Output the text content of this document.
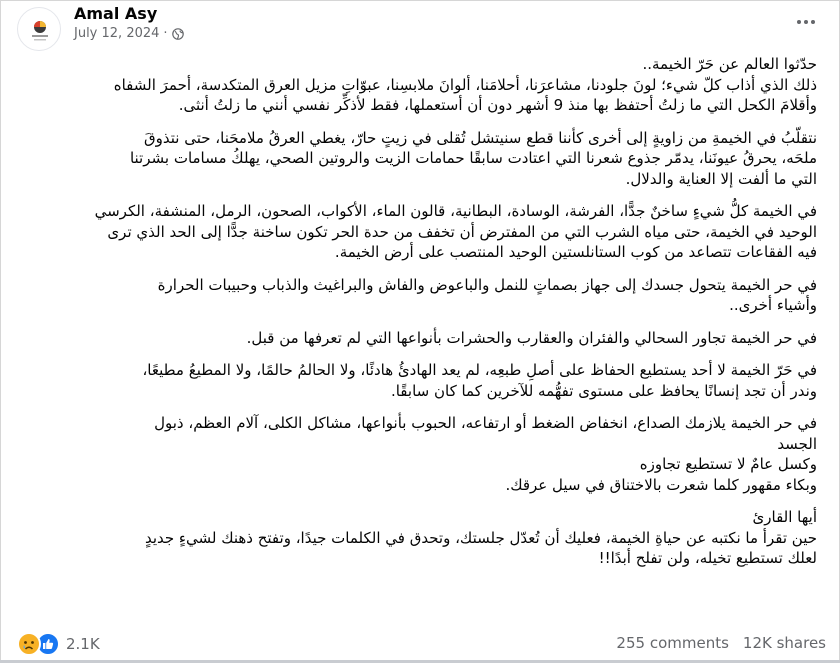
Amal Asy
July 12, 2024 ·

حدّثوا العالم عن حَرّ الخيمة..
ذلك الذي أذاب كلّ شيء؛ لونَ جلودنا، مشاعرَنا، أحلامَنا، ألوانَ ملابسِنا، عبوّاتِ مزيل العرق المتكدسة، أحمرَ الشفاه
وأقلامَ الكحل التي ما زلتُ أحتفظ بها منذ 9 أشهر دون أن أستعملها، فقط لأذكِّر نفسي أنني ما زلتُ أنثى.

نتقلّبُ في الخيمةِ من زاويةٍ إلى أخرى كأننا قطع سنيتشل تُقلى في زيتٍ حارّ، يغطي العرقُ ملامحَنا، حتى نتذوقَ
ملحَه، يحرقُ عيونَنا، يدمّر جذوع شعرنا التي اعتادت سابقًا حمامات الزيت والروتين الصحي، يهلكُ مسامات بشرتنا
التي ما ألفت إلا العناية والدلال.

في الخيمة كلُّ شيءٍ ساخنٌ جدًّا، الفرشة، الوسادة، البطانية، قالون الماء، الأكواب، الصحون، الرمل، المنشفة، الكرسي
الوحيد في الخيمة، حتى مياه الشرب التي من المفترض أن تخفف من حدة الحر تكون ساخنة جدًّا إلى الحد الذي ترى
فيه الفقاعات تتصاعد من كوب الستانلستين الوحيد المنتصب على أرض الخيمة.

في حر الخيمة يتحول جسدك إلى جهاز بصماتٍ للنمل والباعوض والفاش والبراغيث والذباب وحبيبات الحرارة
وأشياء أخرى..

في حر الخيمة تجاور السحالي والفئران والعقارب والحشرات بأنواعها التي لم تعرفها من قبل.

في حَرّ الخيمة لا أحد يستطيع الحفاظ على أصلِ طبعِه، لم يعد الهادئُ هادئًا، ولا الحالمُ حالمًا، ولا المطيعُ مطيعًا،
وندر أن تجد إنسانًا يحافظ على مستوى تفهُّمه للآخرين كما كان سابقًا.

في حر الخيمة يلازمك الصداع، انخفاض الضغط أو ارتفاعه، الحبوب بأنواعها، مشاكل الكلى، آلام العظم، ذبول
الجسد
وكسل عامٌ لا تستطيع تجاوزه
وبكاء مقهور كلما شعرت بالاختناق في سيل عرقك.

أيها القارئ
حين تقرأ ما نكتبه عن حياةِ الخيمة، فعليك أن تُعدّل جلستك، وتحدق في الكلمات جيدًا، وتفتح ذهنك لشيءٍ جديدٍ
لعلك تستطيع تخيله، ولن تفلح أبدًا!!

2.1K	255 comments 12K shares
